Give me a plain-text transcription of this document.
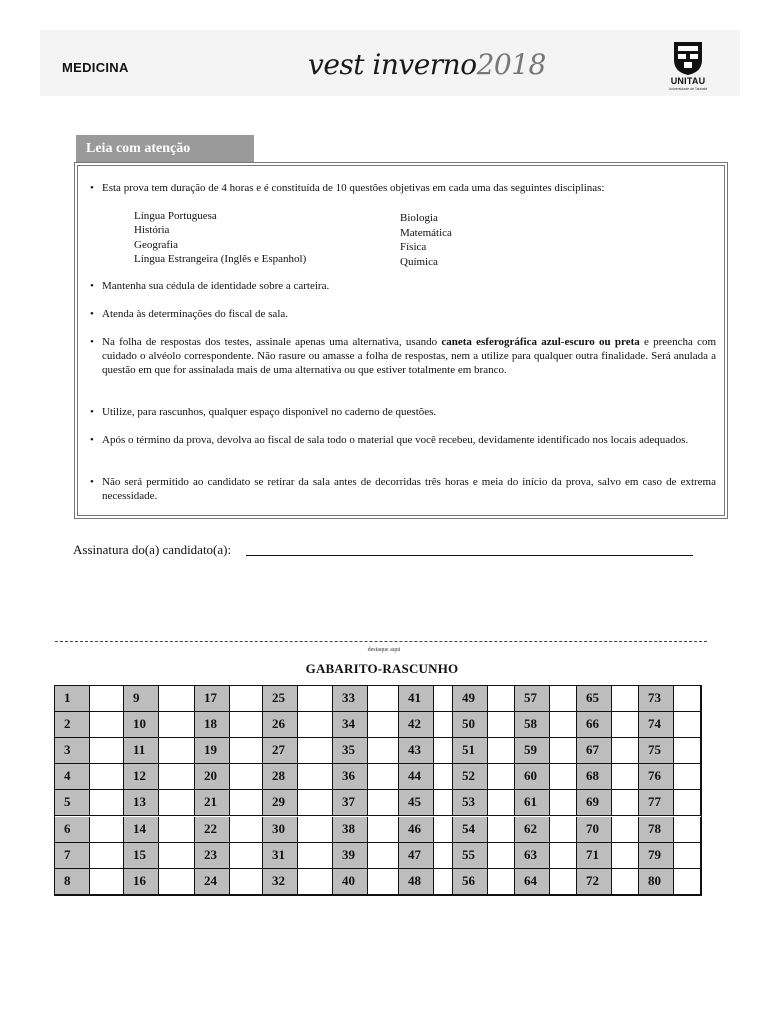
MEDICINA	vest inverno2018	UNITAU
Universidade de Taubaté
Leia com atenção
• Esta prova tem duração de 4 horas e é constituída de 10 questões objetivas em cada uma das seguintes disciplinas:
Língua Portuguesa
História
Geografia
Língua Estrangeira (Inglês e Espanhol)
Biologia
Matemática
Física
Química
• Mantenha sua cédula de identidade sobre a carteira.
• Atenda às determinações do fiscal de sala.
• Na folha de respostas dos testes, assinale apenas uma alternativa, usando caneta esferográfica azul-escuro ou preta e preencha com cuidado o alvéolo correspondente. Não rasure ou amasse a folha de respostas, nem a utilize para qualquer outra finalidade. Será anulada a questão em que for assinalada mais de uma alternativa ou que estiver totalmente em branco.
• Utilize, para rascunhos, qualquer espaço disponível no caderno de questões.
• Após o término da prova, devolva ao fiscal de sala todo o material que você recebeu, devidamente identificado nos locais adequados.
• Não será permitido ao candidato se retirar da sala antes de decorridas três horas e meia do início da prova, salvo em caso de extrema necessidade.
Assinatura do(a) candidato(a):
destaque aqui
GABARITO-RASCUNHO
1
2
3
4
5
6
7
8
9
10
11
12
13
14
15
16
17
18
19
20
21
22
23
24
25
26
27
28
29
30
31
32
33
34
35
36
37
38
39
40
41
42
43
44
45
46
47
48
49
50
51
52
53
54
55
56
57
58
59
60
61
62
63
64
65
66
67
68
69
70
71
72
73
74
75
76
77
78
79
80
